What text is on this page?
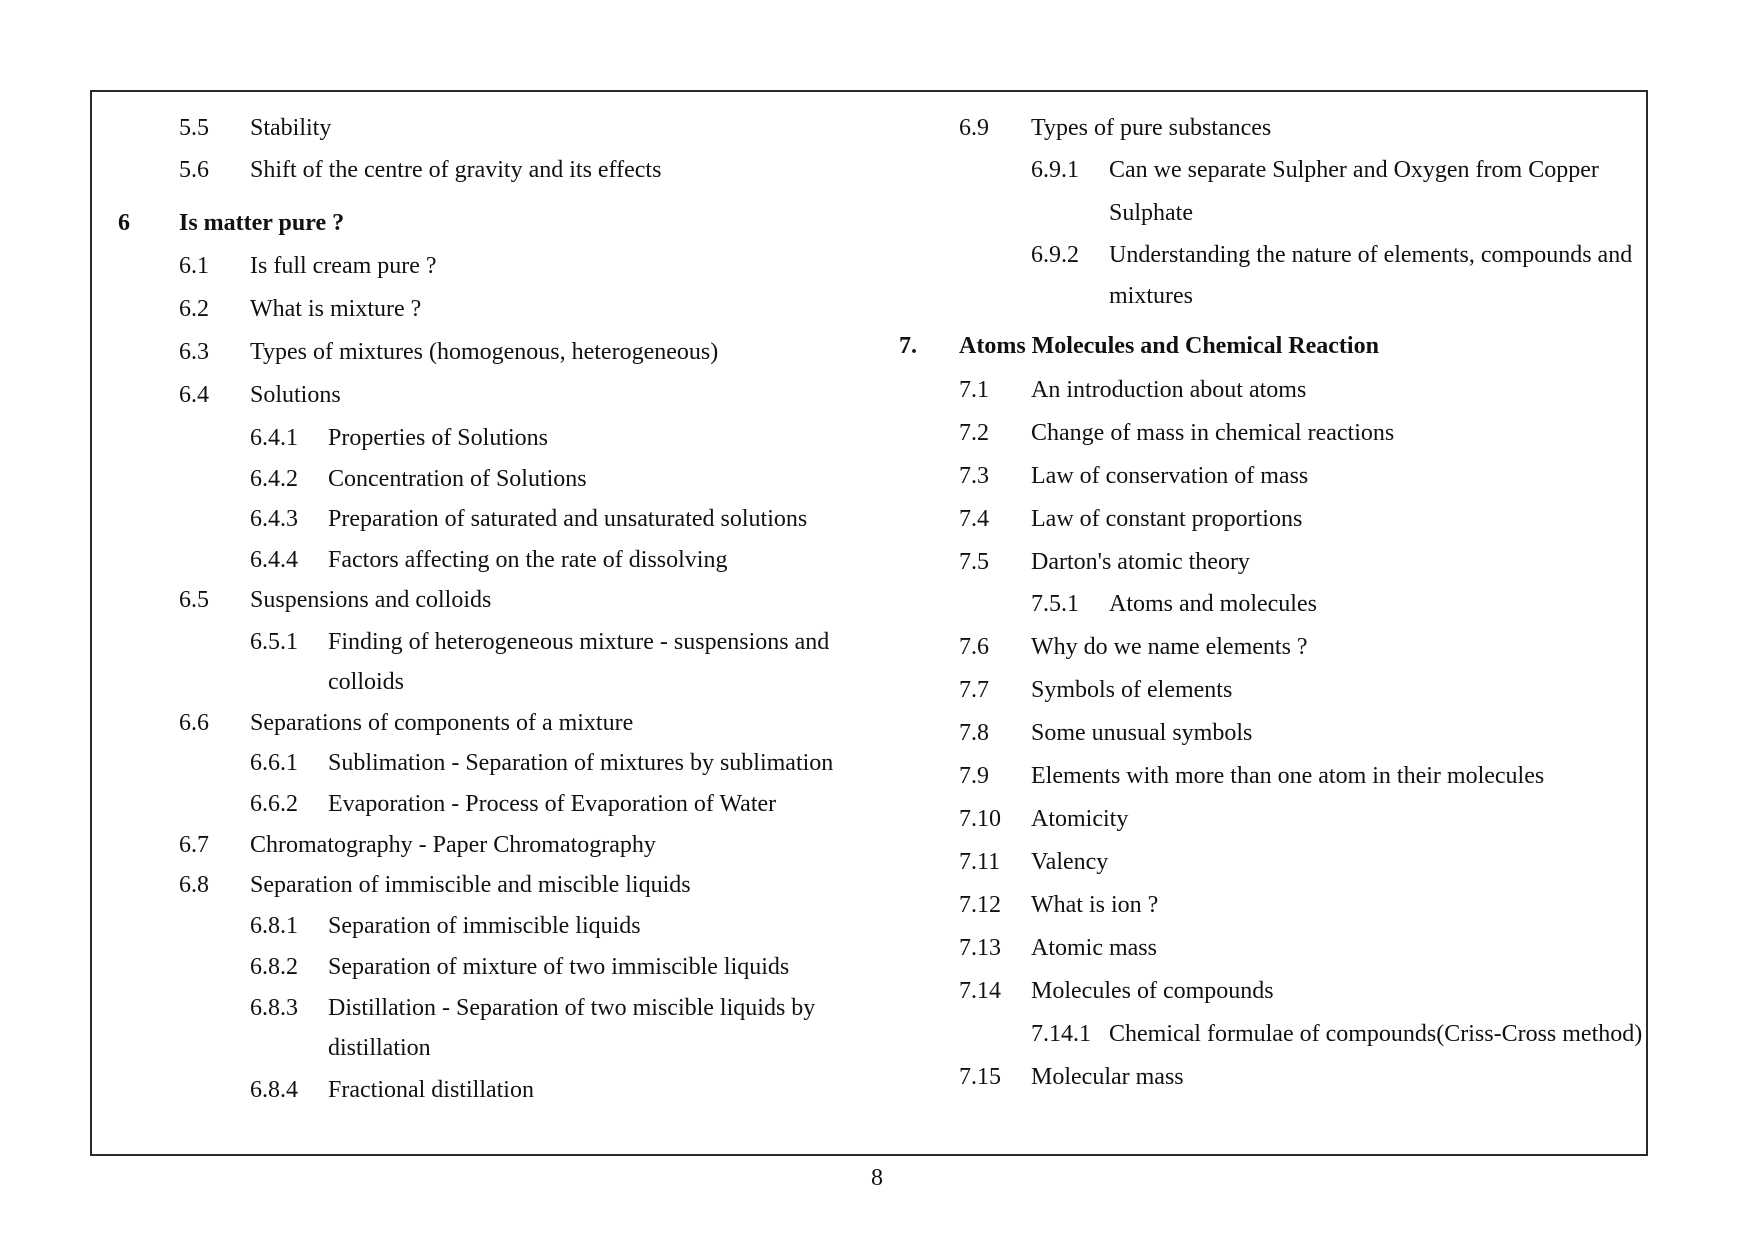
5.5 Stability
5.6 Shift of the centre of gravity and its effects
6 Is matter pure ?
6.1 Is full cream pure ?
6.2 What is mixture ?
6.3 Types of mixtures (homogenous, heterogeneous)
6.4 Solutions
6.4.1 Properties of Solutions
6.4.2 Concentration of Solutions
6.4.3 Preparation of saturated and unsaturated solutions
6.4.4 Factors affecting on the rate of dissolving
6.5 Suspensions and colloids
6.5.1 Finding of heterogeneous mixture - suspensions and
colloids
6.6 Separations of components of a mixture
6.6.1 Sublimation - Separation of mixtures by sublimation
6.6.2 Evaporation - Process of Evaporation of Water
6.7 Chromatography - Paper Chromatography
6.8 Separation of immiscible and miscible liquids
6.8.1 Separation of immiscible liquids
6.8.2 Separation of mixture of two immiscible liquids
6.8.3 Distillation - Separation of two miscible liquids by
distillation
6.8.4 Fractional distillation
6.9 Types of pure substances
6.9.1 Can we separate Sulpher and Oxygen from Copper
Sulphate
6.9.2 Understanding the nature of elements, compounds and
mixtures
7. Atoms Molecules and Chemical Reaction
7.1 An introduction about atoms
7.2 Change of mass in chemical reactions
7.3 Law of conservation of mass
7.4 Law of constant proportions
7.5 Darton's atomic theory
7.5.1 Atoms and molecules
7.6 Why do we name elements ?
7.7 Symbols of elements
7.8 Some unusual symbols
7.9 Elements with more than one atom in their molecules
7.10 Atomicity
7.11 Valency
7.12 What is ion ?
7.13 Atomic mass
7.14 Molecules of compounds
7.14.1 Chemical formulae of compounds(Criss-Cross method)
7.15 Molecular mass
8
